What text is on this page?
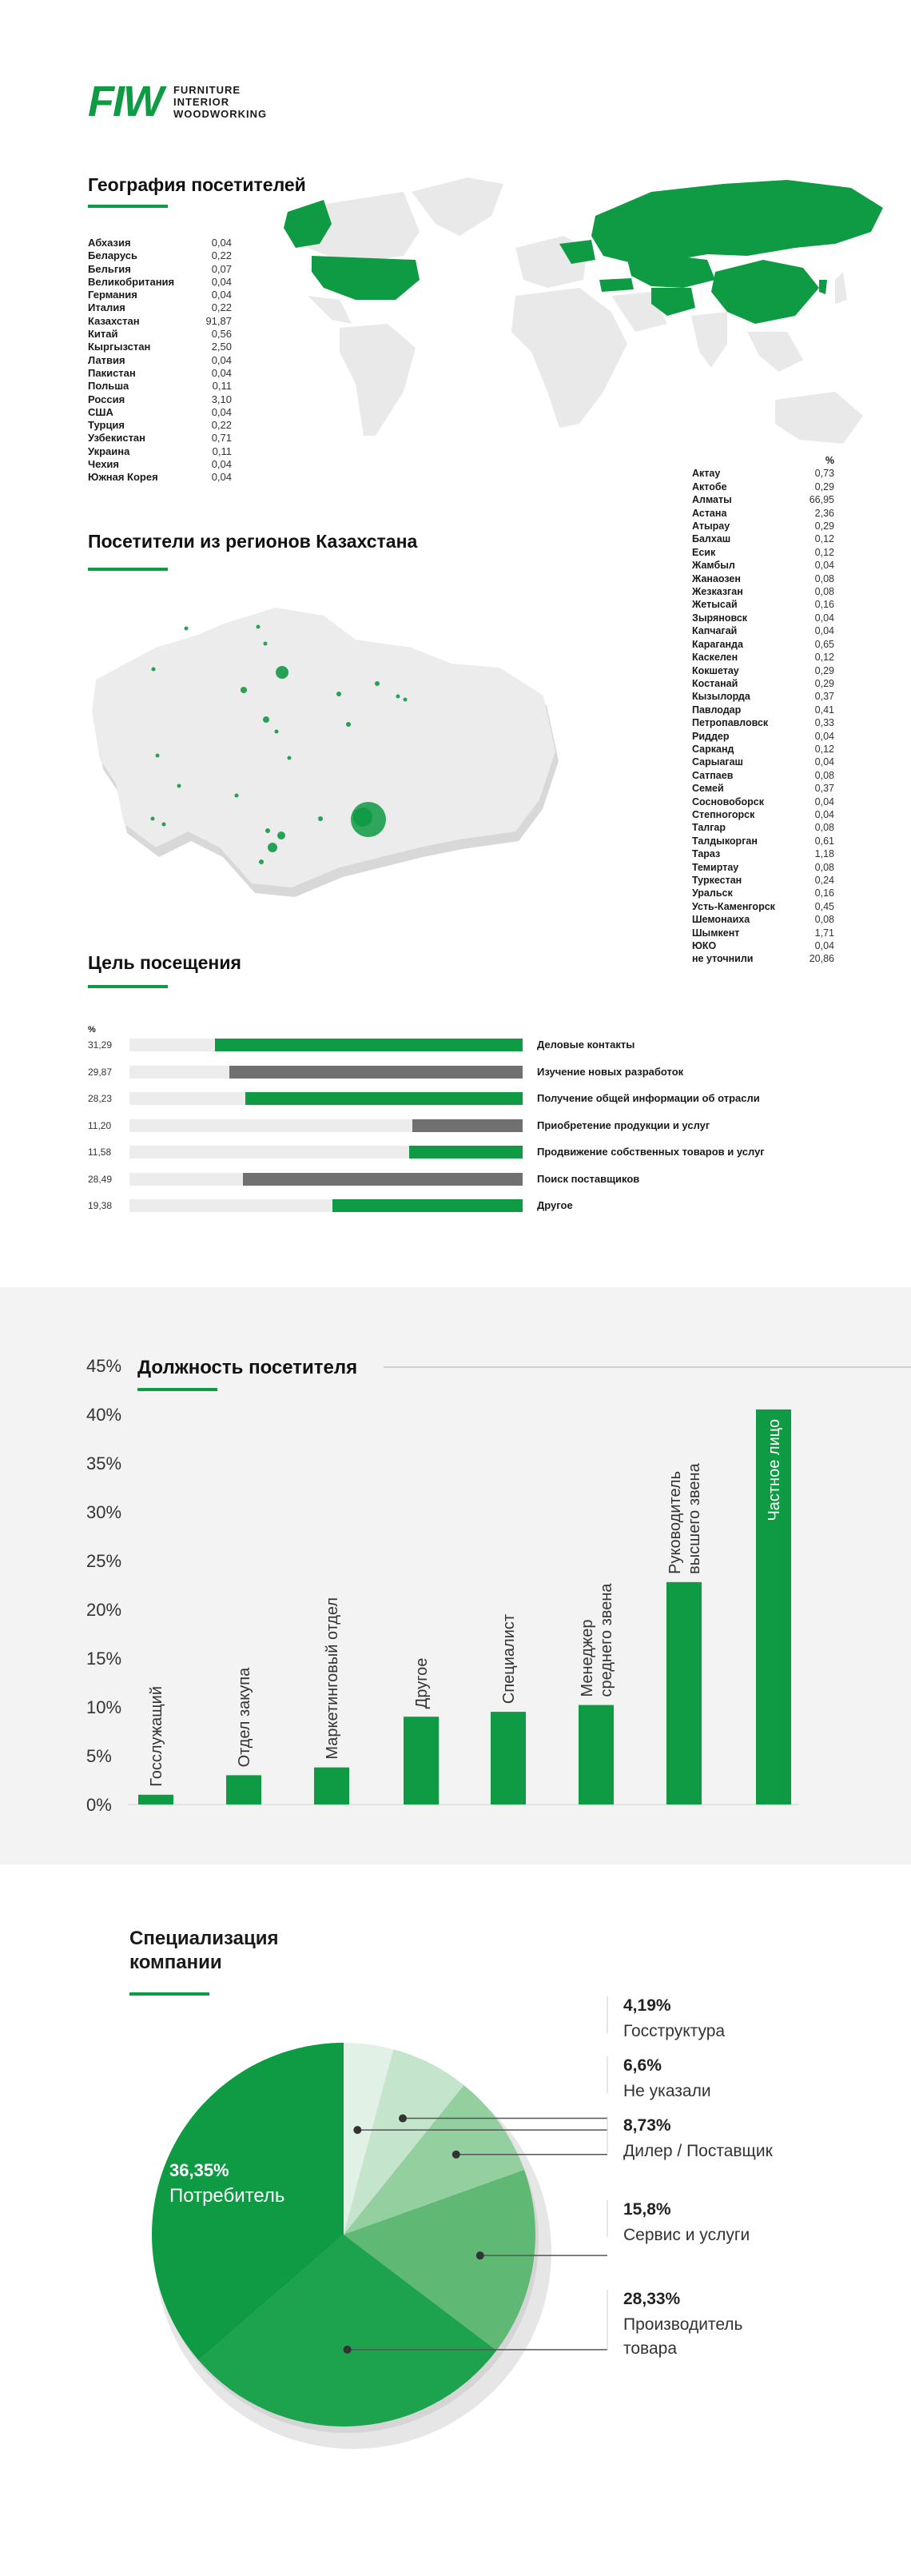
FIW FURNITURE
INTERIOR
WOODWORKING
География посетителей
Абхазия	0,04
Беларусь	0,22
Бельгия	0,07
Великобритания	0,04
Германия	0,04
Италия	0,22
Казахстан	91,87
Китай	0,56
Кыргызстан	2,50
Латвия	0,04
Пакистан	0,04
Польша	0,11
Россия	3,10
США	0,04
Турция	0,22
Узбекистан	0,71
Украина	0,11
Чехия	0,04
Южная Корея	0,04
Посетители из регионов Казахстана
%
Актау	0,73
Актобе	0,29
Алматы	66,95
Астана	2,36
Атырау	0,29
Балхаш	0,12
Есик	0,12
Жамбыл	0,04
Жанаозен	0,08
Жезказган	0,08
Жетысай	0,16
Зыряновск	0,04
Капчагай	0,04
Караганда	0,65
Каскелен	0,12
Кокшетау	0,29
Костанай	0,29
Кызылорда	0,37
Павлодар	0,41
Петропавловск	0,33
Риддер	0,04
Сарканд	0,12
Сарыагаш	0,04
Сатпаев	0,08
Семей	0,37
Сосновоборск	0,04
Степногорск	0,04
Талгар	0,08
Талдыкорган	0,61
Тараз	1,18
Темиртау	0,08
Туркестан	0,24
Уральск	0,16
Усть-Каменгорск	0,45
Шемонаиха	0,08
Шымкент	1,71
ЮКО	0,04
не уточнили	20,86
Цель посещения
%
31,29	Деловые контакты
29,87	Изучение новых разработок
28,23	Получение общей информации об отрасли
11,20	Приобретение продукции и услуг
11,58	Продвижение собственных товаров и услуг
28,49	Поиск поставщиков
19,38	Другое
Должность посетителя
0%
5%
10%
15%
20%
25%
30%
35%
40%
45%
Госслужащий	Отдел закупа	Маркетинговый отдел	Другое	Специалист	Менеджер среднего звена
Руководитель высшего звена	Частное лицо
Специализация компании
4,19%
Госструктура
6,6%
Не указали
8,73%
Дилер / Поставщик
15,8%
Сервис и услуги
28,33%
Производитель
товара
36,35%
Потребитель
